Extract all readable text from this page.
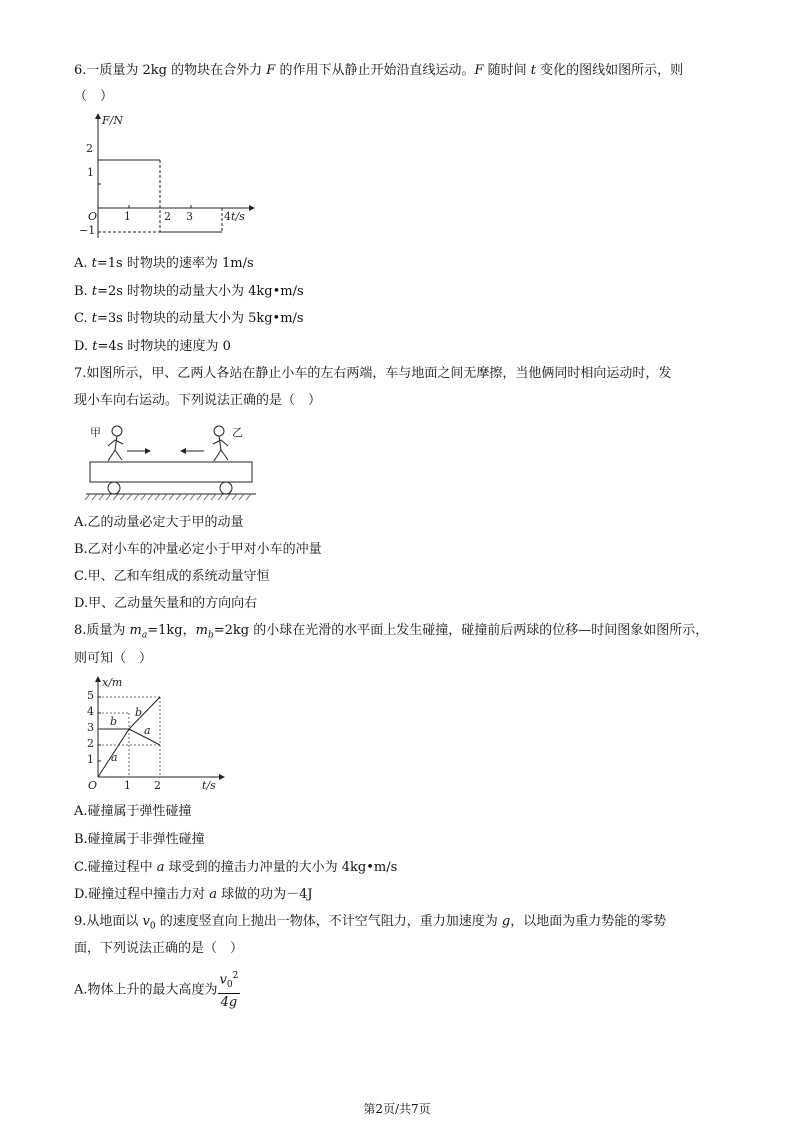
6.一质量为 2kg 的物块在合外力 F 的作用下从静止开始沿直线运动。F 随时间 t 变化的图线如图所示，则
（　）
F/N
t/s
O 1	2 3	4
2
1
−1
A. t=1s 时物块的速率为 1m/s
B. t=2s 时物块的动量大小为 4kg•m/s
C. t=3s 时物块的动量大小为 5kg•m/s
D. t=4s 时物块的速度为 0
7.如图所示，甲、乙两人各站在静止小车的左右两端，车与地面之间无摩擦，当他俩同时相向运动时，发
现小车向右运动。下列说法正确的是（　）
甲	乙
A.乙的动量必定大于甲的动量
B.乙对小车的冲量必定小于甲对小车的冲量
C.甲、乙和车组成的系统动量守恒
D.甲、乙动量矢量和的方向向右
8.质量为 $m_a=1kg$，$m_b=2kg$ 的小球在光滑的水平面上发生碰撞，碰撞前后两球的位移—时间图象如图所示，
则可知（　）
x/m
t/s
O 1 2
1
2
3
4
5
a
a
b
b
A.碰撞属于弹性碰撞
B.碰撞属于非弹性碰撞
C.碰撞过程中 a 球受到的撞击力冲量的大小为 4kg•m/s
D.碰撞过程中撞击力对 a 球做的功为－4J
9.从地面以 $v_0$ 的速度竖直向上抛出一物体，不计空气阻力，重力加速度为 g，以地面为重力势能的零势
面，下列说法正确的是（　）
A.物体上升的最大高度为 $\frac{v_0^2}{4g}$
第2页/共7页
